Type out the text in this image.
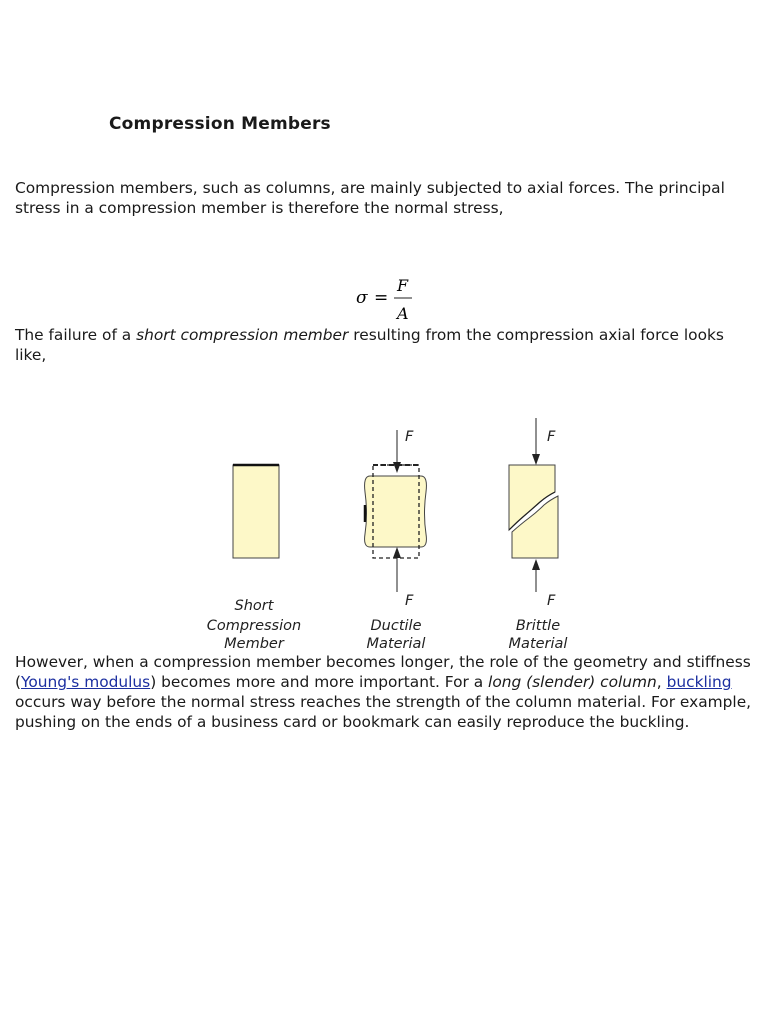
Compression Members

Compression members, such as columns, are mainly subjected to axial forces. The principal stress in a compression member is therefore the normal stress,

σ =
F
A

The failure of a short compression member resulting from the compression axial force looks like,

F
F
F
F
Short
Compression
Member
Ductile
Material
Brittle
Material

However, when a compression member becomes longer, the role of the geometry and stiffness (Young's modulus) becomes more and more important. For a long (slender) column, buckling occurs way before the normal stress reaches the strength of the column material. For example, pushing on the ends of a business card or bookmark can easily reproduce the buckling.
